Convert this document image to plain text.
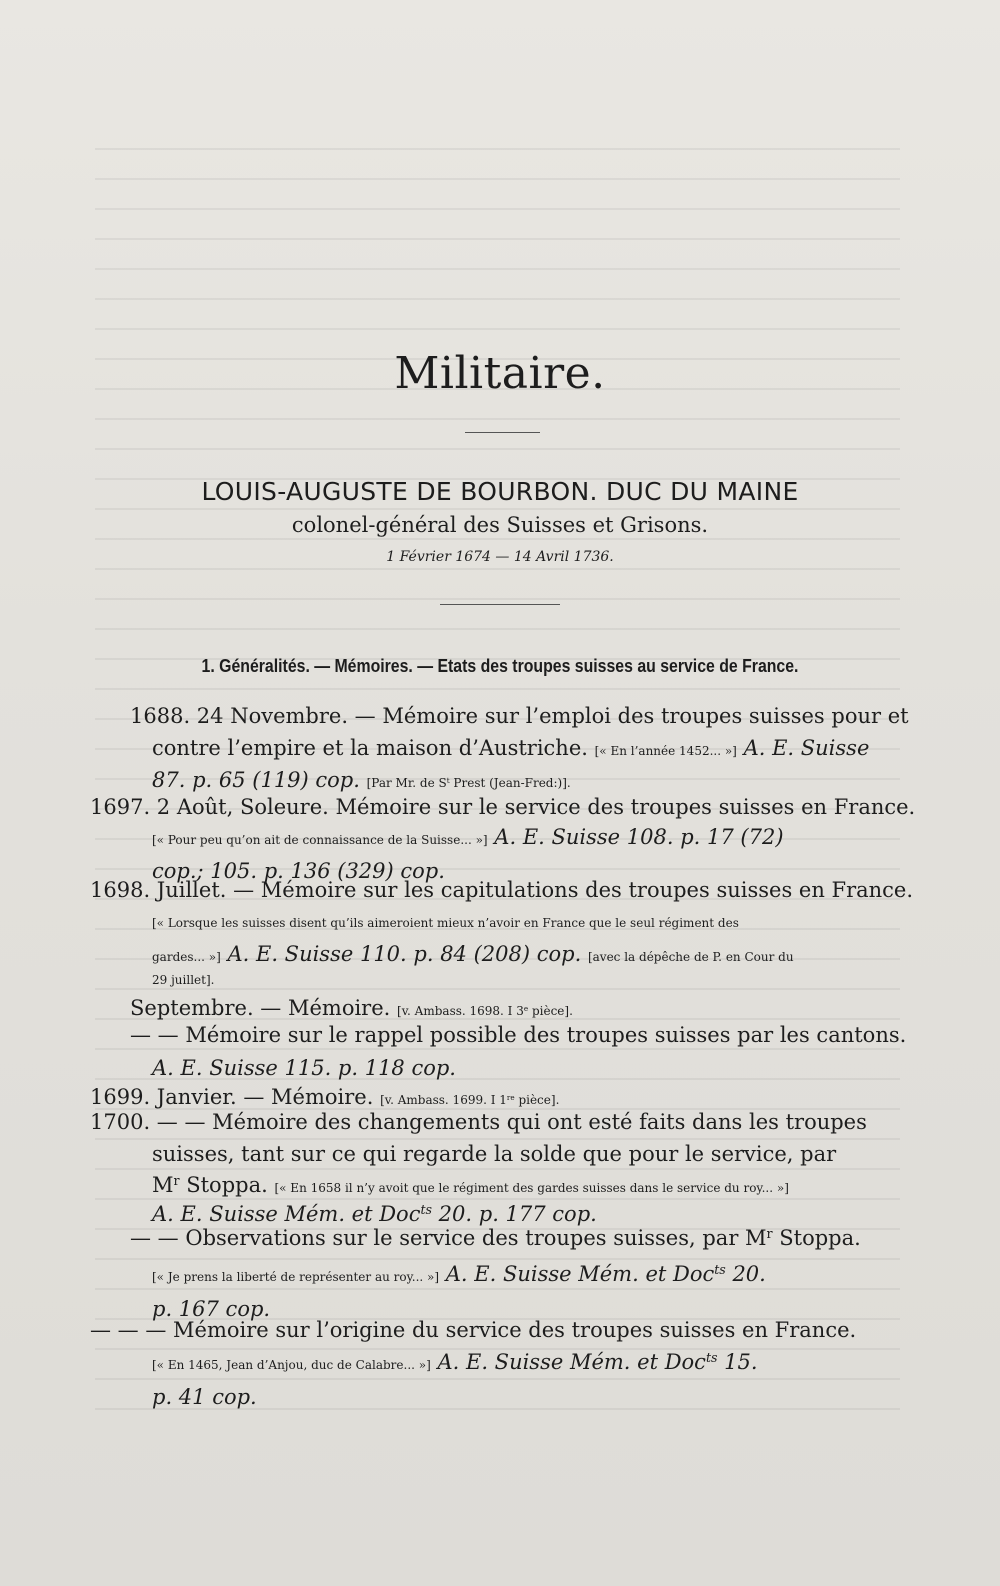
Militaire.
LOUIS-AUGUSTE DE BOURBON. DUC DU MAINE
colonel-général des Suisses et Grisons.
1 Février 1674 — 14 Avril 1736.
1. Généralités. — Mémoires. — Etats des troupes suisses au service de France.
1688. 24 Novembre. — Mémoire sur l’emploi des troupes suisses pour et
contre l’empire et la maison d’Austriche. [« En l’année 1452... »] A. E. Suisse
87. p. 65 (119) cop. [Par Mr. de $S^t$ Prest (Jean-Fred:)].
1697. 2 Août, Soleure. Mémoire sur le service des troupes suisses en France.
[« Pour peu qu’on ait de connaissance de la Suisse... »] A. E. Suisse 108. p. 17 (72)
cop.; 105. p. 136 (329) cop.
1698. Juillet. — Mémoire sur les capitulations des troupes suisses en France.
[« Lorsque les suisses disent qu’ils aimeroient mieux n’avoir en France que le seul régiment des
gardes... »] A. E. Suisse 110. p. 84 (208) cop. [avec la dépêche de P. en Cour du
29 juillet].
Septembre. — Mémoire. [v. Ambass. 1698. I 3e pièce].
— — Mémoire sur le rappel possible des troupes suisses par les cantons.
A. E. Suisse 115. p. 118 cop.
1699. Janvier. — Mémoire. [v. Ambass. 1699. I 1re pièce].
1700. — — Mémoire des changements qui ont esté faits dans les troupes
suisses, tant sur ce qui regarde la solde que pour le service, par
$M^r$ Stoppa. [« En 1658 il n’y avoit que le régiment des gardes suisses dans le service du roy... »]
A. E. Suisse Mém. et Doc$^{ts}$ 20. p. 177 cop.
— — Observations sur le service des troupes suisses, par $M^r$ Stoppa.
[« Je prens la liberté de représenter au roy... »] A. E. Suisse Mém. et Doc$^{ts}$ 20.
p. 167 cop.
— — — Mémoire sur l’origine du service des troupes suisses en France.
[« En 1465, Jean d’Anjou, duc de Calabre... »] A. E. Suisse Mém. et Doc$^{ts}$ 15.
p. 41 cop.
